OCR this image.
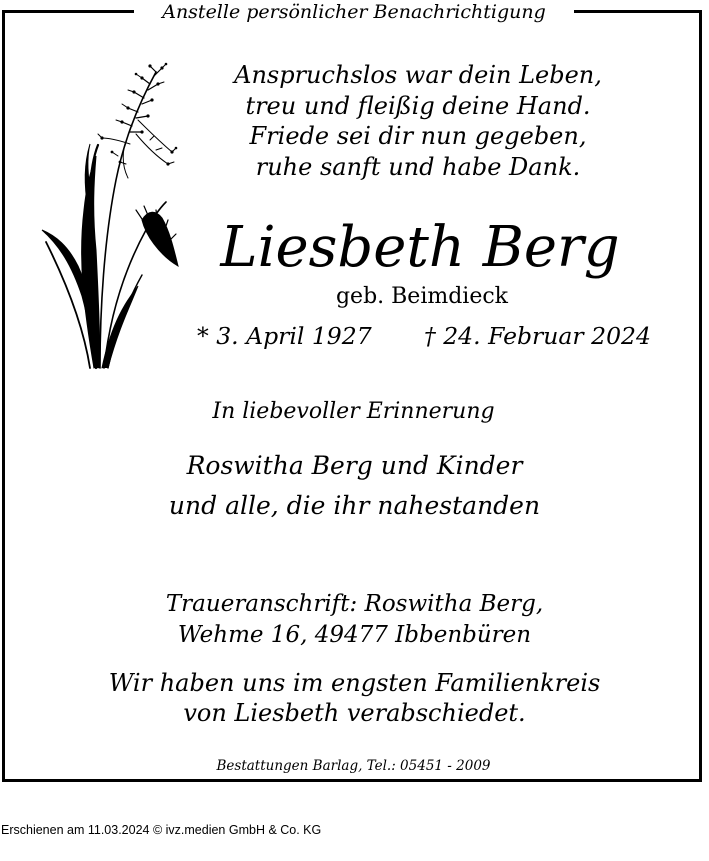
Anstelle persönlicher Benachrichtigung
Anspruchslos war dein Leben,
treu und fleißig deine Hand.
Friede sei dir nun gegeben,
ruhe sanft und habe Dank.
Liesbeth Berg
geb. Beimdieck
* 3. April 1927 † 24. Februar 2024
In liebevoller Erinnerung
Roswitha Berg und Kinder
und alle, die ihr nahestanden
Traueranschrift: Roswitha Berg,
Wehme 16, 49477 Ibbenbüren
Wir haben uns im engsten Familienkreis
von Liesbeth verabschiedet.
Bestattungen Barlag, Tel.: 05451 - 2009
Erschienen am 11.03.2024 © ivz.medien GmbH & Co. KG
